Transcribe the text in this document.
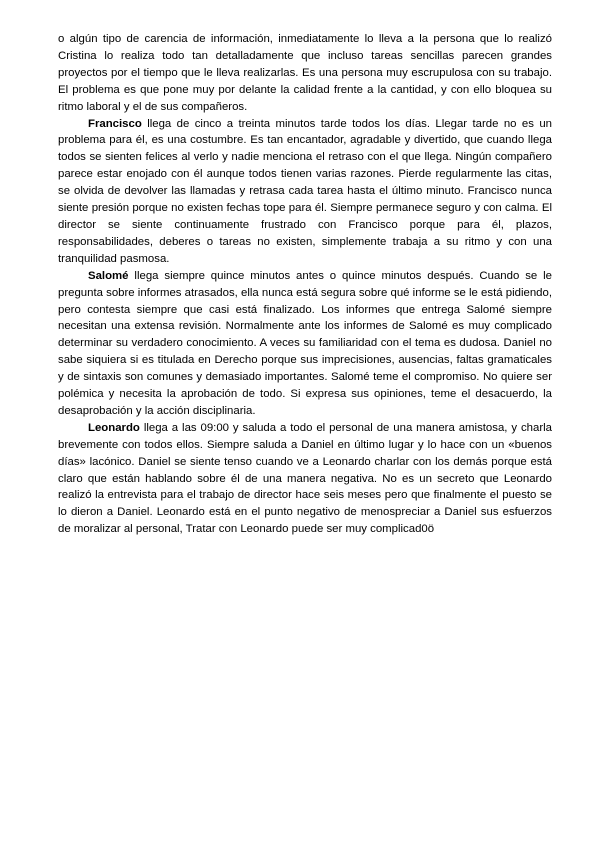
o algún tipo de carencia de información, inmediatamente lo lleva a la persona que lo realizó Cristina lo realiza todo tan detalladamente que incluso tareas sencillas parecen grandes proyectos por el tiempo que le lleva realizarlas. Es una persona muy escrupulosa con su trabajo. El problema es que pone muy por delante la calidad frente a la cantidad, y con ello bloquea su ritmo laboral y el de sus compañeros.

Francisco llega de cinco a treinta minutos tarde todos los días. Llegar tarde no es un problema para él, es una costumbre. Es tan encantador, agradable y divertido, que cuando llega todos se sienten felices al verlo y nadie menciona el retraso con el que llega. Ningún compañero parece estar enojado con él aunque todos tienen varias razones. Pierde regularmente las citas, se olvida de devolver las llamadas y retrasa cada tarea hasta el último minuto. Francisco nunca siente presión porque no existen fechas tope para él. Siempre permanece seguro y con calma. El director se siente continuamente frustrado con Francisco porque para él, plazos, responsabilidades, deberes o tareas no existen, simplemente trabaja a su ritmo y con una tranquilidad pasmosa.

Salomé llega siempre quince minutos antes o quince minutos después. Cuando se le pregunta sobre informes atrasados, ella nunca está segura sobre qué informe se le está pidiendo, pero contesta siempre que casi está finalizado. Los informes que entrega Salomé siempre necesitan una extensa revisión. Normalmente ante los informes de Salomé es muy complicado determinar su verdadero conocimiento. A veces su familiaridad con el tema es dudosa. Daniel no sabe siquiera si es titulada en Derecho porque sus imprecisiones, ausencias, faltas gramaticales y de sintaxis son comunes y demasiado importantes. Salomé teme el compromiso. No quiere ser polémica y necesita la aprobación de todo. Si expresa sus opiniones, teme el desacuerdo, la desaprobación y la acción disciplinaria.

Leonardo llega a las 09:00 y saluda a todo el personal de una manera amistosa, y charla brevemente con todos ellos. Siempre saluda a Daniel en último lugar y lo hace con un «buenos días» lacónico. Daniel se siente tenso cuando ve a Leonardo charlar con los demás porque está claro que están hablando sobre él de una manera negativa. No es un secreto que Leonardo realizó la entrevista para el trabajo de director hace seis meses pero que finalmente el puesto se lo dieron a Daniel. Leonardo está en el punto negativo de menospreciar a Daniel sus esfuerzos de moralizar al personal, Tratar con Leonardo puede ser muy complicad0ö
